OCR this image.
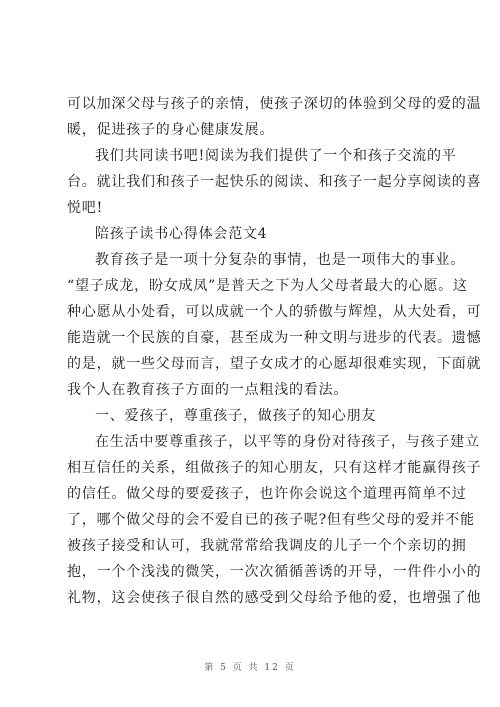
可以加深父母与孩子的亲情，使孩子深切的体验到父母的爱的温
暖，促进孩子的身心健康发展。
我们共同读书吧!阅读为我们提供了一个和孩子交流的平
台。就让我们和孩子一起快乐的阅读、和孩子一起分享阅读的喜
悦吧!
陪孩子读书心得体会范文4
教育孩子是一项十分复杂的事情，也是一项伟大的事业。
“望子成龙，盼女成凤”是普天之下为人父母者最大的心愿。这
种心愿从小处看，可以成就一个人的骄傲与辉煌，从大处看，可
能造就一个民族的自豪，甚至成为一种文明与进步的代表。遗憾
的是，就一些父母而言，望子女成才的心愿却很难实现，下面就
我个人在教育孩子方面的一点粗浅的看法。
一、爱孩子，尊重孩子，做孩子的知心朋友
在生活中要尊重孩子，以平等的身份对待孩子，与孩子建立
相互信任的关系，组做孩子的知心朋友，只有这样才能赢得孩子
的信任。做父母的要爱孩子，也许你会说这个道理再简单不过
了，哪个做父母的会不爱自已的孩子呢?但有些父母的爱并不能
被孩子接受和认可，我就常常给我调皮的儿子一个个亲切的拥
抱，一个个浅浅的微笑，一次次循循善诱的开导，一件件小小的
礼物，这会使孩子很自然的感受到父母给予他的爱，也增强了他
第 5 页 共 12 页
